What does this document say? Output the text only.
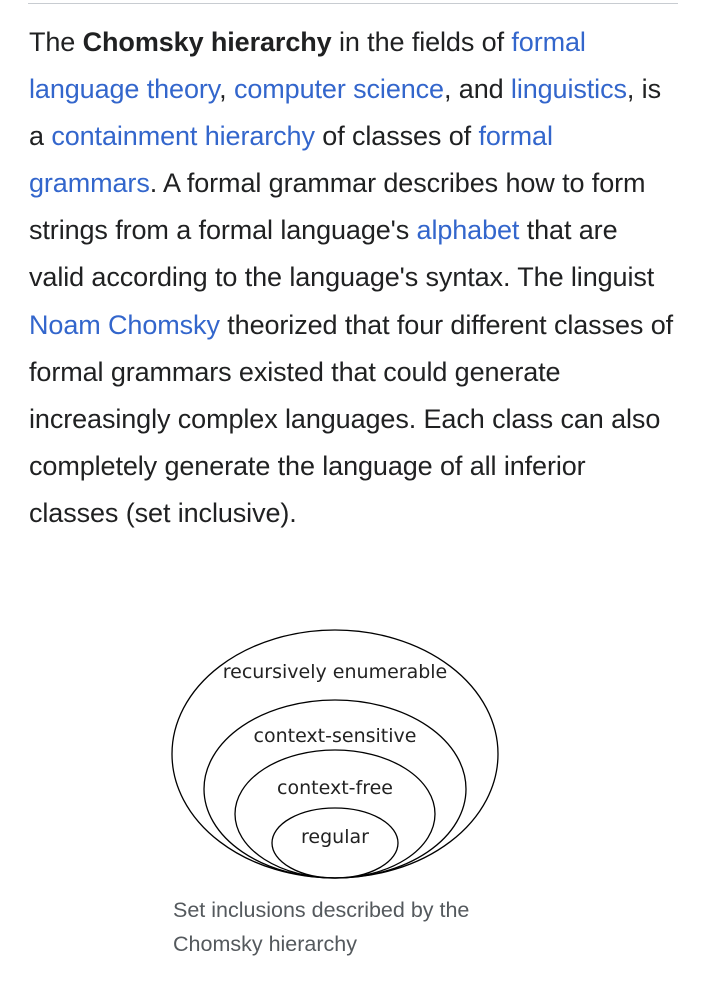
The Chomsky hierarchy in the fields of formal language theory, computer science, and linguistics, is a containment hierarchy of classes of formal grammars. A formal grammar describes how to form strings from a formal language's alphabet that are valid according to the language's syntax. The linguist Noam Chomsky theorized that four different classes of formal grammars existed that could generate increasingly complex languages. Each class can also completely generate the language of all inferior classes (set inclusive).

recursively enumerable
context-sensitive
context-free
regular
Set inclusions described by the Chomsky hierarchy
